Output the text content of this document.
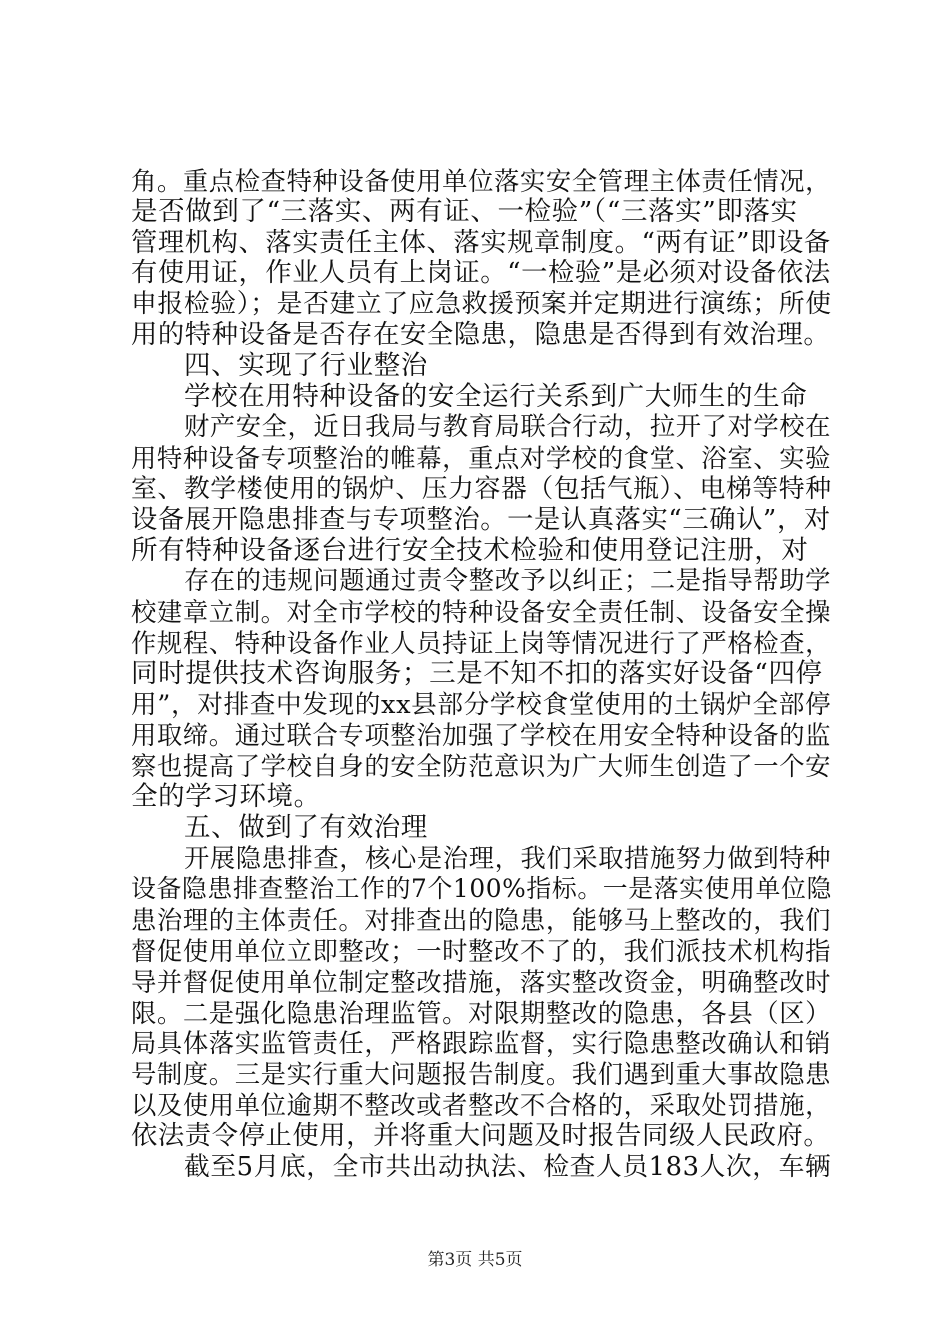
角。重点检查特种设备使用单位落实安全管理主体责任情况，
是否做到了“三落实、两有证、一检验”（“三落实”即落实
管理机构、落实责任主体、落实规章制度。“两有证”即设备
有使用证，作业人员有上岗证。“一检验”是必须对设备依法
申报检验）；是否建立了应急救援预案并定期进行演练；所使
用的特种设备是否存在安全隐患，隐患是否得到有效治理。
四、实现了行业整治
学校在用特种设备的安全运行关系到广大师生的生命
财产安全，近日我局与教育局联合行动，拉开了对学校在
用特种设备专项整治的帷幕，重点对学校的食堂、浴室、实验
室、教学楼使用的锅炉、压力容器（包括气瓶）、电梯等特种
设备展开隐患排查与专项整治。一是认真落实“三确认”，对
所有特种设备逐台进行安全技术检验和使用登记注册，对
存在的违规问题通过责令整改予以纠正；二是指导帮助学
校建章立制。对全市学校的特种设备安全责任制、设备安全操
作规程、特种设备作业人员持证上岗等情况进行了严格检查，
同时提供技术咨询服务；三是不知不扣的落实好设备“四停
用”，对排查中发现的xx县部分学校食堂使用的土锅炉全部停
用取缔。通过联合专项整治加强了学校在用安全特种设备的监
察也提高了学校自身的安全防范意识为广大师生创造了一个安
全的学习环境。
五、做到了有效治理
开展隐患排查，核心是治理，我们采取措施努力做到特种
设备隐患排查整治工作的7个100%指标。一是落实使用单位隐
患治理的主体责任。对排查出的隐患，能够马上整改的，我们
督促使用单位立即整改；一时整改不了的，我们派技术机构指
导并督促使用单位制定整改措施，落实整改资金，明确整改时
限。二是强化隐患治理监管。对限期整改的隐患，各县（区）
局具体落实监管责任，严格跟踪监督，实行隐患整改确认和销
号制度。三是实行重大问题报告制度。我们遇到重大事故隐患
以及使用单位逾期不整改或者整改不合格的，采取处罚措施，
依法责令停止使用，并将重大问题及时报告同级人民政府。
截至5月底，全市共出动执法、检查人员183人次，车辆
第3页 共5页
